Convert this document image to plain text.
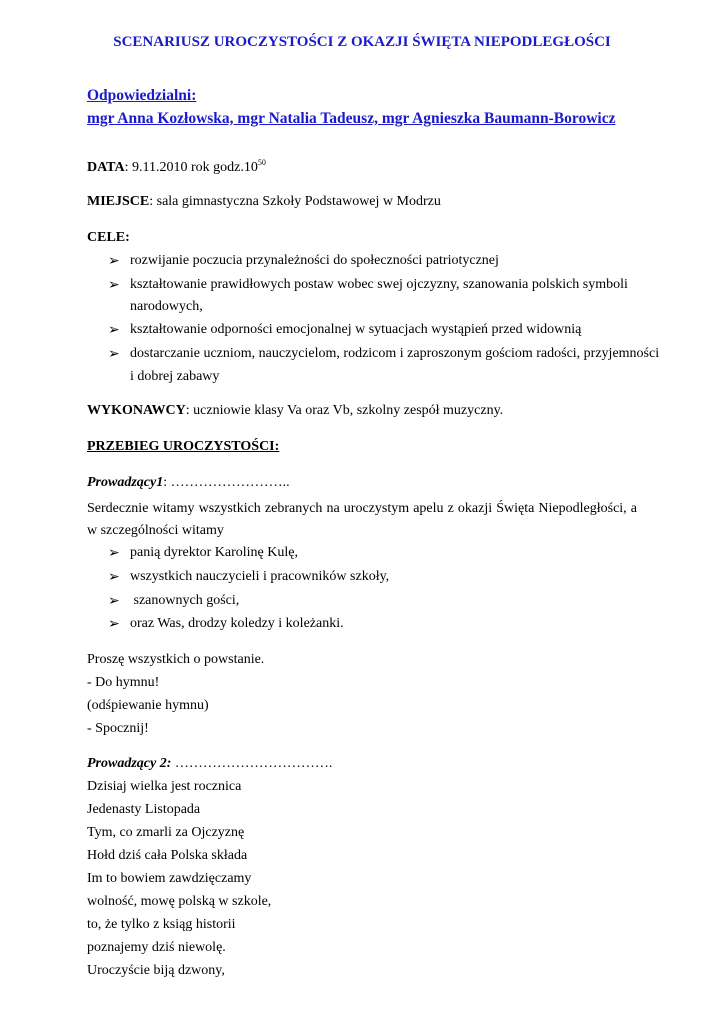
SCENARIUSZ UROCZYSTOŚCI Z OKAZJI ŚWIĘTA NIEPODLEGŁOŚCI

Odpowiedzialni:

mgr Anna Kozłowska, mgr Natalia Tadeusz, mgr Agnieszka Baumann-Borowicz

DATA: 9.11.2010 rok $godz.10^{50}$

MIEJSCE: sala gimnastyczna Szkoły Podstawowej w Modrzu

CELE:

➢ rozwijanie poczucia przynależności do społeczności patriotycznej

➢ kształtowanie prawidłowych postaw wobec swej ojczyzny, szanowania polskich symboli

narodowych,

➢ kształtowanie odporności emocjonalnej w sytuacjach wystąpień przed widownią

➢ dostarczanie uczniom, nauczycielom, rodzicom i zaproszonym gościom radości, przyjemności

i dobrej zabawy

WYKONAWCY: uczniowie klasy Va oraz Vb, szkolny zespół muzyczny.

PRZEBIEG UROCZYSTOŚCI:

Prowadzący1: ……………………..

Serdecznie witamy wszystkich zebranych na uroczystym apelu z okazji Święta Niepodległości, a w szczególności witamy

➢ panią dyrektor Karolinę Kulę,

➢ wszystkich nauczycieli i pracowników szkoły,

➢ szanownych gości,

➢ oraz Was, drodzy koledzy i koleżanki.

Proszę wszystkich o powstanie.

- Do hymnu!

(odśpiewanie hymnu)

- Spocznij!

Prowadzący 2: …………………………….

Dzisiaj wielka jest rocznica

Jedenasty Listopada

Tym, co zmarli za Ojczyznę

Hołd dziś cała Polska składa

Im to bowiem zawdzięczamy

wolność, mowę polską w szkole,

to, że tylko z ksiąg historii

poznajemy dziś niewolę.

Uroczyście biją dzwony,
